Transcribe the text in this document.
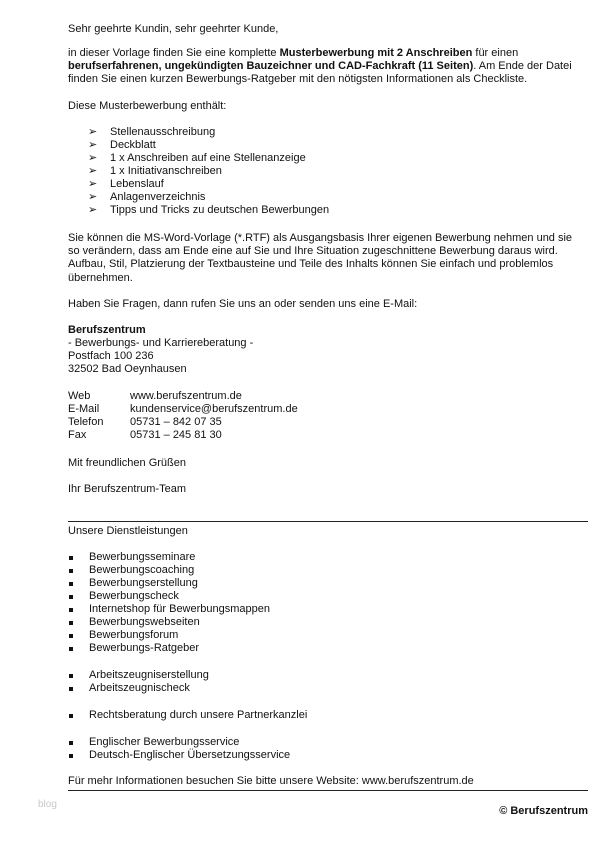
Sehr geehrte Kundin, sehr geehrter Kunde,
in dieser Vorlage finden Sie eine komplette Musterbewerbung mit 2 Anschreiben für einen berufserfahrenen, ungekündigten Bauzeichner und CAD-Fachkraft (11 Seiten). Am Ende der Datei finden Sie einen kurzen Bewerbungs-Ratgeber mit den nötigsten Informationen als Checkliste.
Diese Musterbewerbung enthält:
➢ Stellenausschreibung
➢ Deckblatt
➢ 1 x Anschreiben auf eine Stellenanzeige
➢ 1 x Initiativanschreiben
➢ Lebenslauf
➢ Anlagenverzeichnis
➢ Tipps und Tricks zu deutschen Bewerbungen
Sie können die MS-Word-Vorlage (*.RTF) als Ausgangsbasis Ihrer eigenen Bewerbung nehmen und sie so verändern, dass am Ende eine auf Sie und Ihre Situation zugeschnittene Bewerbung daraus wird. Aufbau, Stil, Platzierung der Textbausteine und Teile des Inhalts können Sie einfach und problemlos übernehmen.
Haben Sie Fragen, dann rufen Sie uns an oder senden uns eine E-Mail:
Berufszentrum
- Bewerbungs- und Karriereberatung -
Postfach 100 236
32502 Bad Oeynhausen
Web	www.berufszentrum.de
E-Mail	kundenservice@berufszentrum.de
Telefon 05731 – 842 07 35
Fax	05731 – 245 81 30
Mit freundlichen Grüßen
Ihr Berufszentrum-Team
Unsere Dienstleistungen
Bewerbungsseminare
Bewerbungscoaching
Bewerbungserstellung
Bewerbungscheck
Internetshop für Bewerbungsmappen
Bewerbungswebseiten
Bewerbungsforum
Bewerbungs-Ratgeber
Arbeitszeugniserstellung
Arbeitszeugnischeck
Rechtsberatung durch unsere Partnerkanzlei
Englischer Bewerbungsservice
Deutsch-Englischer Übersetzungsservice
Für mehr Informationen besuchen Sie bitte unsere Website: www.berufszentrum.de
blog
© Berufszentrum
